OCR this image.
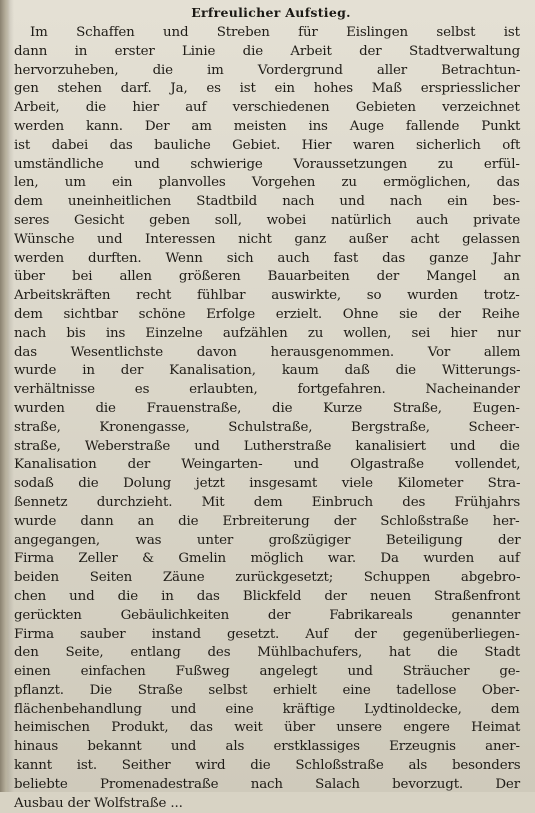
Erfreulicher Aufstieg.
Im Schaffen und Streben für Eislingen selbst ist
dann in erster Linie die Arbeit der Stadtverwaltung
hervorzuheben, die im Vordergrund aller Betrachtun-
gen stehen darf. Ja, es ist ein hohes Maß erspriesslicher
Arbeit, die hier auf verschiedenen Gebieten verzeichnet
werden kann. Der am meisten ins Auge fallende Punkt
ist dabei das bauliche Gebiet. Hier waren sicherlich oft
umständliche und schwierige Voraussetzungen zu erfül-
len, um ein planvolles Vorgehen zu ermöglichen, das
dem uneinheitlichen Stadtbild nach und nach ein bes-
seres Gesicht geben soll, wobei natürlich auch private
Wünsche und Interessen nicht ganz außer acht gelassen
werden durften. Wenn sich auch fast das ganze Jahr
über bei allen größeren Bauarbeiten der Mangel an
Arbeitskräften recht fühlbar auswirkte, so wurden trotz-
dem sichtbar schöne Erfolge erzielt. Ohne sie der Reihe
nach bis ins Einzelne aufzählen zu wollen, sei hier nur
das Wesentlichste davon herausgenommen. Vor allem
wurde in der Kanalisation, kaum daß die Witterungs-
verhältnisse es erlaubten, fortgefahren. Nacheinander
wurden die Frauenstraße, die Kurze Straße, Eugen-
straße, Kronengasse, Schulstraße, Bergstraße, Scheer-
straße, Weberstraße und Lutherstraße kanalisiert und die
Kanalisation der Weingarten- und Olgastraße vollendet,
sodaß die Dolung jetzt insgesamt viele Kilometer Stra-
ßennetz durchzieht. Mit dem Einbruch des Frühjahrs
wurde dann an die Erbreiterung der Schloßstraße her-
angegangen, was unter großzügiger Beteiligung der
Firma Zeller & Gmelin möglich war. Da wurden auf
beiden Seiten Zäune zurückgesetzt; Schuppen abgebro-
chen und die in das Blickfeld der neuen Straßenfront
gerückten Gebäulichkeiten der Fabrikareals genannter
Firma sauber instand gesetzt. Auf der gegenüberliegen-
den Seite, entlang des Mühlbachufers, hat die Stadt
einen einfachen Fußweg angelegt und Sträucher ge-
pflanzt. Die Straße selbst erhielt eine tadellose Ober-
flächenbehandlung und eine kräftige Lydtinoldecke, dem
heimischen Produkt, das weit über unsere engere Heimat
hinaus bekannt und als erstklassiges Erzeugnis aner-
kannt ist. Seither wird die Schloßstraße als besonders
beliebte Promenadestraße nach Salach bevorzugt. Der
Ausbau der Wolfstraße ...
